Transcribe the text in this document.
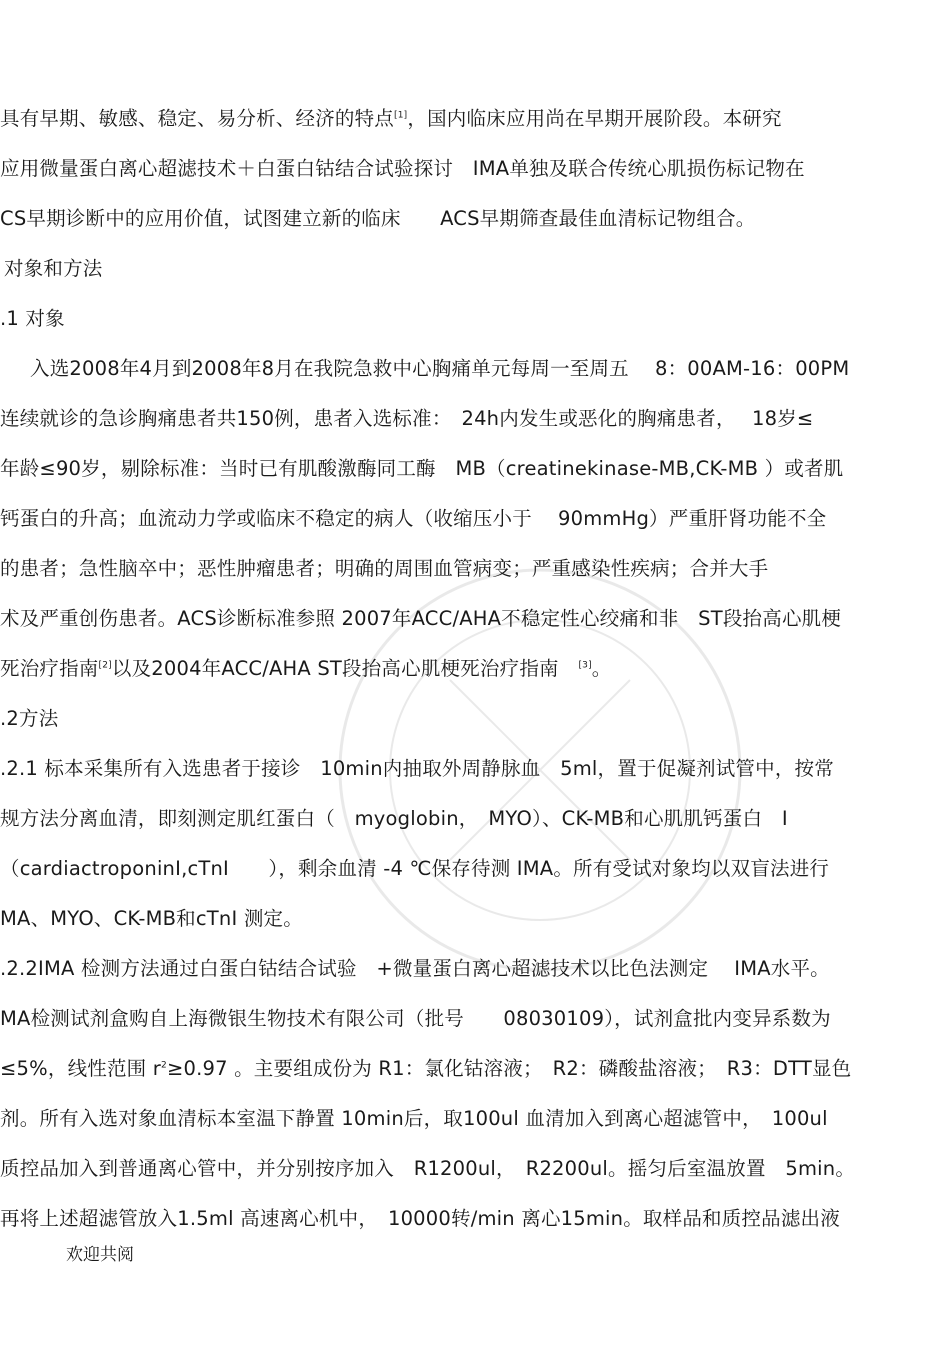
具有早期、敏感、稳定、易分析、经济的特点[1]，国内临床应用尚在早期开展阶段。本研究
应用微量蛋白离心超滤技术＋白蛋白钴结合试验探讨　IMA单独及联合传统心肌损伤标记物在
CS早期诊断中的应用价值，试图建立新的临床　　ACS早期筛查最佳血清标记物组合。
对象和方法
.1 对象
入选2008年4月到2008年8月在我院急救中心胸痛单元每周一至周五　 8：00AM-16：00PM
连续就诊的急诊胸痛患者共150例，患者入选标准：　24h内发生或恶化的胸痛患者，　 18岁≤
年龄≤90岁，剔除标准：当时已有肌酸激酶同工酶　MB（creatinekinase-MB,CK-MB ）或者肌
钙蛋白的升高；血流动力学或临床不稳定的病人（收缩压小于　 90mmHg）严重肝肾功能不全
的患者；急性脑卒中；恶性肿瘤患者；明确的周围血管病变；严重感染性疾病；合并大手
术及严重创伤患者。ACS诊断标准参照 2007年ACC/AHA不稳定性心绞痛和非　ST段抬高心肌梗
死治疗指南[2]以及2004年ACC/AHA ST段抬高心肌梗死治疗指南　[3]。
.2方法
.2.1 标本采集所有入选患者于接诊　10min内抽取外周静脉血　5ml，置于促凝剂试管中，按常
规方法分离血清，即刻测定肌红蛋白（　myoglobin，　MYO）、CK-MB和心肌肌钙蛋白　I
（cardiactroponinI,cTnI　　），剩余血清 -4 ℃保存待测 IMA。所有受试对象均以双盲法进行
MA、MYO、CK-MB和cTnI 测定。
.2.2IMA 检测方法通过白蛋白钴结合试验　+微量蛋白离心超滤技术以比色法测定　 IMA水平。
MA检测试剂盒购自上海微银生物技术有限公司（批号　　08030109），试剂盒批内变异系数为
≤5%，线性范围 r$^2$≥0.97 。主要组成份为 R1：氯化钴溶液；　R2：磷酸盐溶液；　R3：DTT显色
剂。所有入选对象血清标本室温下静置 10min后，取100ul 血清加入到离心超滤管中，　100ul
质控品加入到普通离心管中，并分别按序加入　R1200ul，　R2200ul。摇匀后室温放置　5min。
再将上述超滤管放入1.5ml 高速离心机中，　10000转/min 离心15min。取样品和质控品滤出液
欢迎共阅
